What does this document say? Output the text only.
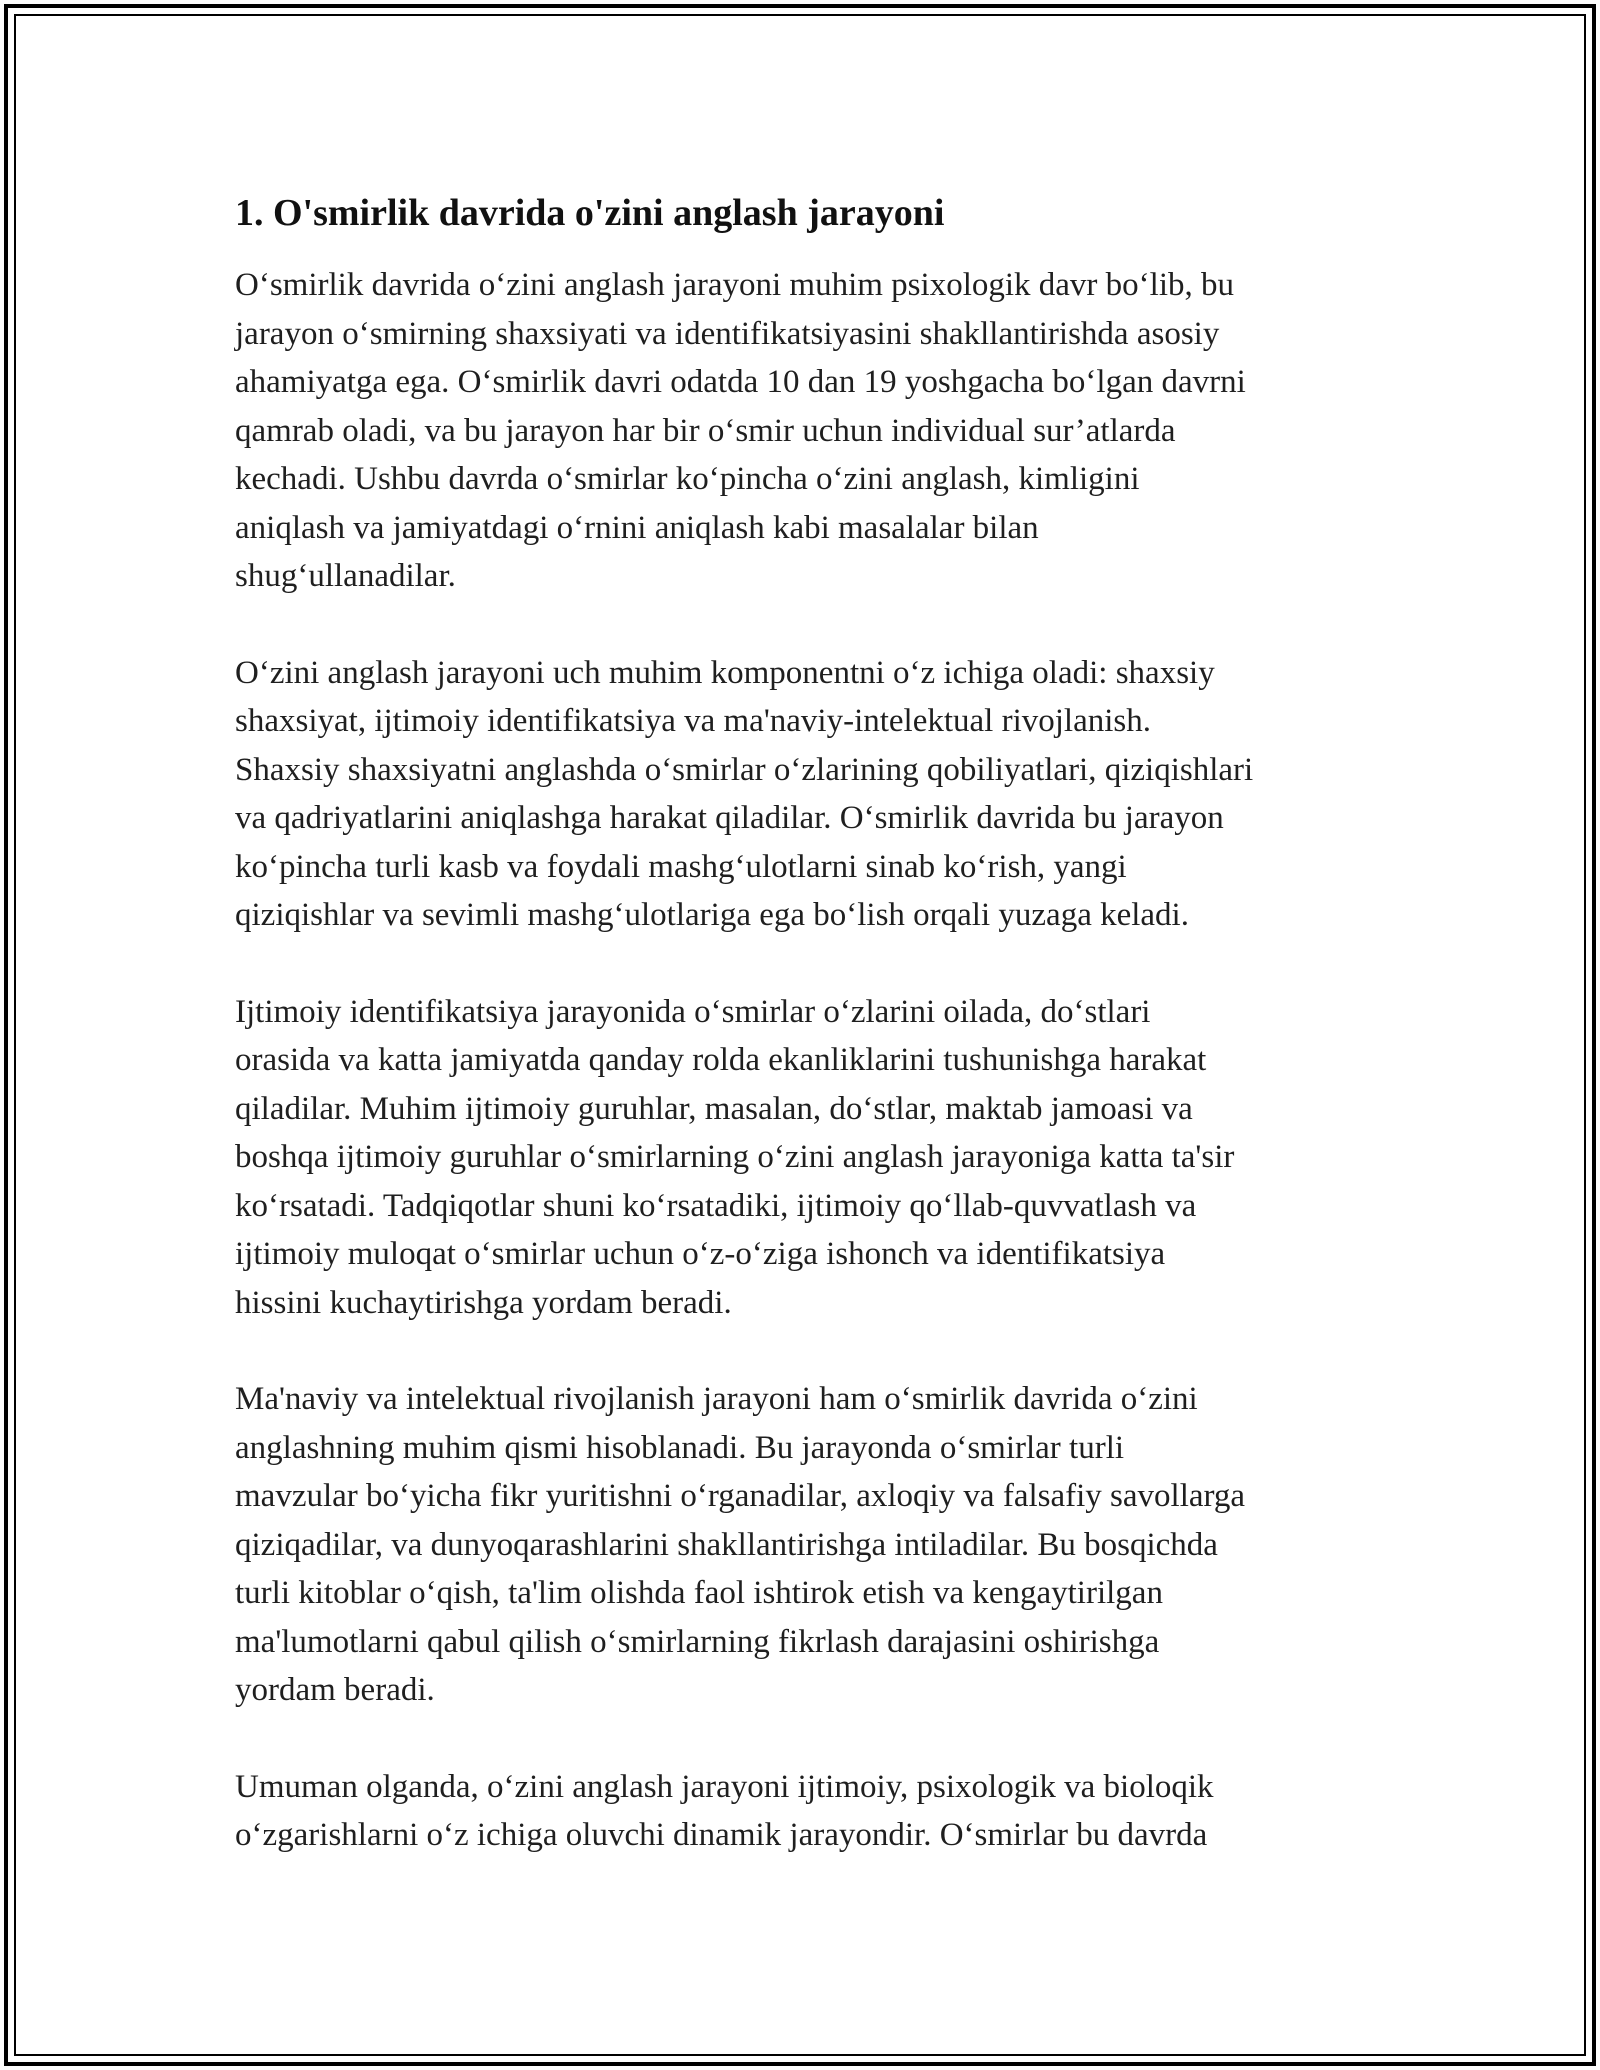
1. O'smirlik davrida o'zini anglash jarayoni

O‘smirlik davrida o‘zini anglash jarayoni muhim psixologik davr bo‘lib, bu
jarayon o‘smirning shaxsiyati va identifikatsiyasini shakllantirishda asosiy
ahamiyatga ega. O‘smirlik davri odatda 10 dan 19 yoshgacha bo‘lgan davrni
qamrab oladi, va bu jarayon har bir o‘smir uchun individual sur’atlarda
kechadi. Ushbu davrda o‘smirlar ko‘pincha o‘zini anglash, kimligini
aniqlash va jamiyatdagi o‘rnini aniqlash kabi masalalar bilan
shug‘ullanadilar.

O‘zini anglash jarayoni uch muhim komponentni o‘z ichiga oladi: shaxsiy
shaxsiyat, ijtimoiy identifikatsiya va ma'naviy-intelektual rivojlanish.
Shaxsiy shaxsiyatni anglashda o‘smirlar o‘zlarining qobiliyatlari, qiziqishlari
va qadriyatlarini aniqlashga harakat qiladilar. O‘smirlik davrida bu jarayon
ko‘pincha turli kasb va foydali mashg‘ulotlarni sinab ko‘rish, yangi
qiziqishlar va sevimli mashg‘ulotlariga ega bo‘lish orqali yuzaga keladi.

Ijtimoiy identifikatsiya jarayonida o‘smirlar o‘zlarini oilada, do‘stlari
orasida va katta jamiyatda qanday rolda ekanliklarini tushunishga harakat
qiladilar. Muhim ijtimoiy guruhlar, masalan, do‘stlar, maktab jamoasi va
boshqa ijtimoiy guruhlar o‘smirlarning o‘zini anglash jarayoniga katta ta'sir
ko‘rsatadi. Tadqiqotlar shuni ko‘rsatadiki, ijtimoiy qo‘llab-quvvatlash va
ijtimoiy muloqat o‘smirlar uchun o‘z-o‘ziga ishonch va identifikatsiya
hissini kuchaytirishga yordam beradi.

Ma'naviy va intelektual rivojlanish jarayoni ham o‘smirlik davrida o‘zini
anglashning muhim qismi hisoblanadi. Bu jarayonda o‘smirlar turli
mavzular bo‘yicha fikr yuritishni o‘rganadilar, axloqiy va falsafiy savollarga
qiziqadilar, va dunyoqarashlarini shakllantirishga intiladilar. Bu bosqichda
turli kitoblar o‘qish, ta'lim olishda faol ishtirok etish va kengaytirilgan
ma'lumotlarni qabul qilish o‘smirlarning fikrlash darajasini oshirishga
yordam beradi.

Umuman olganda, o‘zini anglash jarayoni ijtimoiy, psixologik va bioloqik
o‘zgarishlarni o‘z ichiga oluvchi dinamik jarayondir. O‘smirlar bu davrda
